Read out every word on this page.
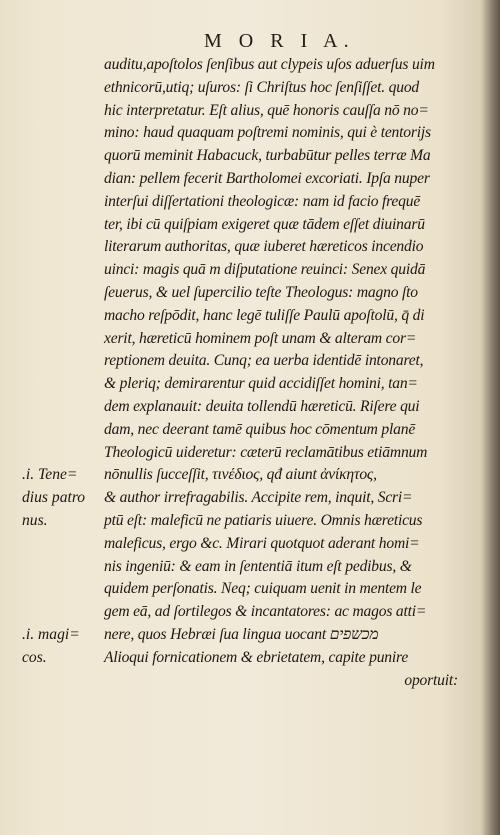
M O R I A.
auditu,apoſtolos ſenſibus aut clypeis uſos aduerſus uim
ethnicorū,utiq; uſuros: ſi Chriſtus hoc ſenſiſſet. quod
hic interpretatur. Eſt alius, quē honoris cauſſa nō no=
mino: haud quaquam poſtremi nominis, qui è tentorijs
quorū meminit Habacuck, turbabūtur pelles terræ Ma
dian: pellem fecerit Bartholomei excoriati. Ipſa nuper
interſui diſſertationi theologicæ: nam id facio frequē
ter, ibi cū quiſpiam exigeret quæ tādem eſſet diuinarū
literarum authoritas, quæ iuberet hæreticos incendio
uinci: magis quā m diſputatione reuinci: Senex quidā
ſeuerus, & uel ſupercilio teſte Theologus: magno ſto
macho reſpōdit, hanc legē tuliſſe Paulū apoſtolū, q̄ di
xerit, hæreticū hominem poſt unam & alteram cor=
reptionem deuita. Cunq; ea uerba identidē intonaret,
& pleriq; demirarentur quid accidiſſet homini, tan=
dem explanauit: deuita tollendū hæreticū. Riſere qui
dam, nec deerant tamē quibus hoc cōmentum planē
Theologicū uideretur: cæterū reclamātibus etiāmnum
nōnullis ſucceſſit, τινέδιος, qđ aiunt ἀνίκητος,
& author irrefragabilis. Accipite rem, inquit, Scri=
ptū eſt: maleficū ne patiaris uiuere. Omnis hæreticus
maleficus, ergo &c. Mirari quotquot aderant homi=
nis ingeniū: & eam in ſententiā itum eſt pedibus, &
quidem perſonatis. Neq; cuiquam uenit in mentem le
gem eā, ad ſortilegos & incantatores: ac magos atti=
nere, quos Hebræi ſua lingua uocant מכשפים
Alioqui fornicationem & ebrietatem, capite punire
oportuit:
.i. Tene=
dius patro
nus.
.i. magi=
cos.
